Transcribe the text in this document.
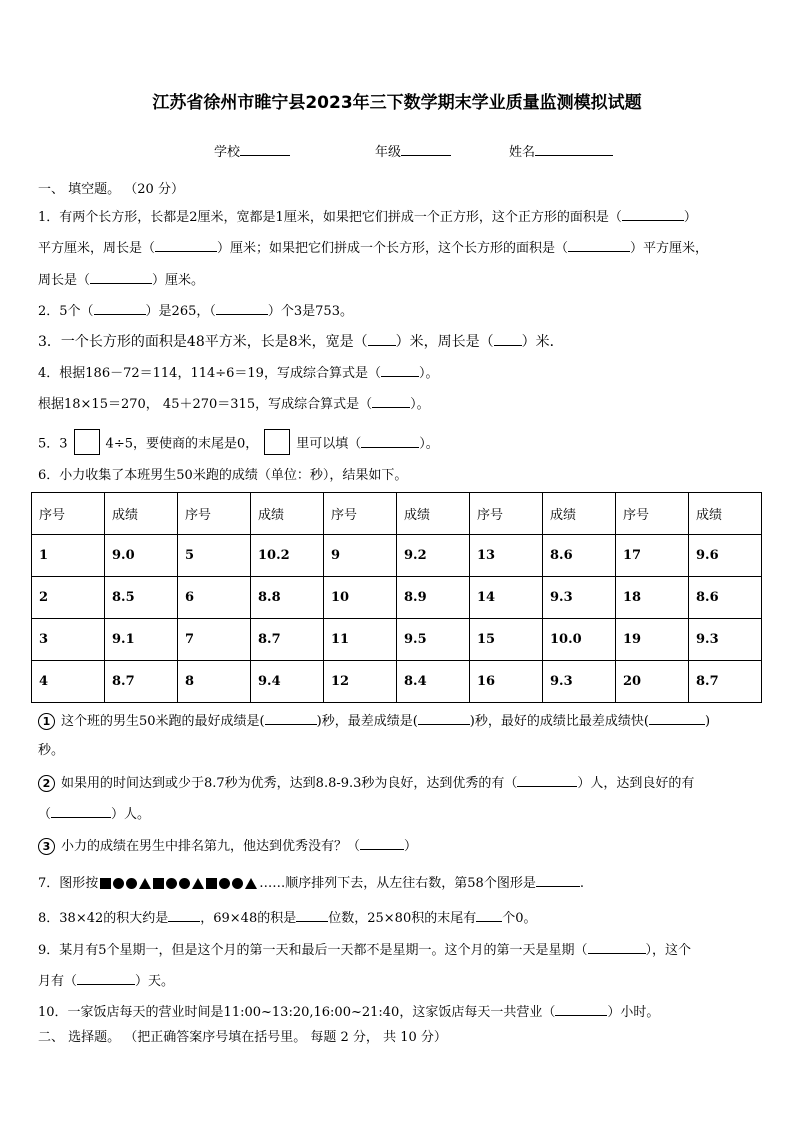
江苏省徐州市睢宁县2023年三下数学期末学业质量监测模拟试题
学校	年级	姓名
一、 填空题。 （20 分）
1．有两个长方形，长都是2厘米，宽都是1厘米，如果把它们拼成一个正方形，这个正方形的面积是（	）
平方厘米，周长是（	）厘米；如果把它们拼成一个长方形，这个长方形的面积是（	）平方厘米，
周长是（	）厘米。
2．5个（	）是265，（	）个3是753。
3．一个长方形的面积是48平方米，长是8米，宽是（ ）米，周长是（ ）米．
4．根据186－72＝114，114÷6＝19，写成综合算式是（	）。
根据18×15＝270， 45＋270＝315，写成综合算式是（	）。
5．3	4÷5，要使商的末尾是0，	里可以填（	）。
6．小力收集了本班男生50米跑的成绩（单位：秒），结果如下。
序号	成绩	序号	成绩	序号	成绩	序号	成绩	序号	成绩
1	9.0	5	10.2	9	9.2	13	8.6	17	9.6
2	8.5	6	8.8	10	8.9	14	9.3	18	8.6
3	9.1	7	8.7	11	9.5	15	10.0	19	9.3
4	8.7	8	9.4	12	8.4	16	9.3	20	8.7
1 这个班的男生50米跑的最好成绩是(	)秒，最差成绩是(	)秒，最好的成绩比最差成绩快(	)
秒。
2 如果用的时间达到或少于8.7秒为优秀，达到8.8-9.3秒为良好，达到优秀的有（	）人，达到良好的有
（	）人。
3 小力的成绩在男生中排名第九，他达到优秀没有？（	）
7．图形按	……顺序排列下去，从左往右数，第58个图形是	.
8．38×42的积大约是 ，69×48的积是 位数，25×80积的末尾有 个0。
9．某月有5个星期一，但是这个月的第一天和最后一天都不是星期一。这个月的第一天是星期（	），这个
月有（	）天。
10．一家饭店每天的营业时间是11:00~13:20,16:00~21:40，这家饭店每天一共营业（	）小时。
二、 选择题。 （把正确答案序号填在括号里。 每题 2 分， 共 10 分）
